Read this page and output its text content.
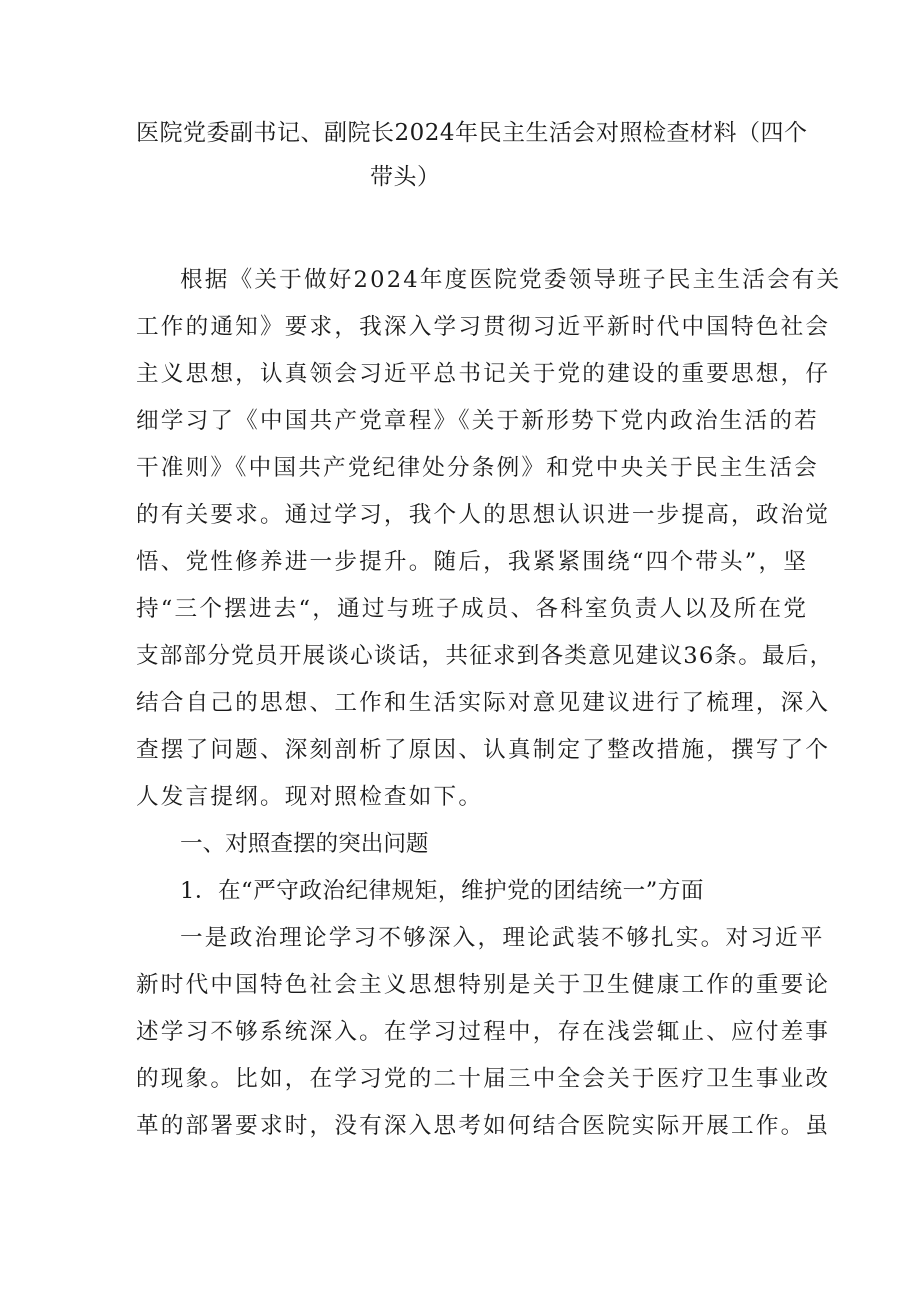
医院党委副书记、副院长2024年民主生活会对照检查材料（四个
带头）

根据《关于做好2024年度医院党委领导班子民主生活会有关

工作的通知》要求，我深入学习贯彻习近平新时代中国特色社会

主义思想，认真领会习近平总书记关于党的建设的重要思想，仔

细学习了《中国共产党章程》《关于新形势下党内政治生活的若

干准则》《中国共产党纪律处分条例》和党中央关于民主生活会

的有关要求。通过学习，我个人的思想认识进一步提高，政治觉

悟、党性修养进一步提升。随后，我紧紧围绕“四个带头”，坚

持“三个摆进去“，通过与班子成员、各科室负责人以及所在党

支部部分党员开展谈心谈话，共征求到各类意见建议36条。最后，

结合自己的思想、工作和生活实际对意见建议进行了梳理，深入

查摆了问题、深刻剖析了原因、认真制定了整改措施，撰写了个

人发言提纲。现对照检查如下。

一、对照查摆的突出问题

1．在“严守政治纪律规矩，维护党的团结统一”方面

一是政治理论学习不够深入，理论武装不够扎实。对习近平

新时代中国特色社会主义思想特别是关于卫生健康工作的重要论

述学习不够系统深入。在学习过程中，存在浅尝辄止、应付差事

的现象。比如，在学习党的二十届三中全会关于医疗卫生事业改

革的部署要求时，没有深入思考如何结合医院实际开展工作。虽
